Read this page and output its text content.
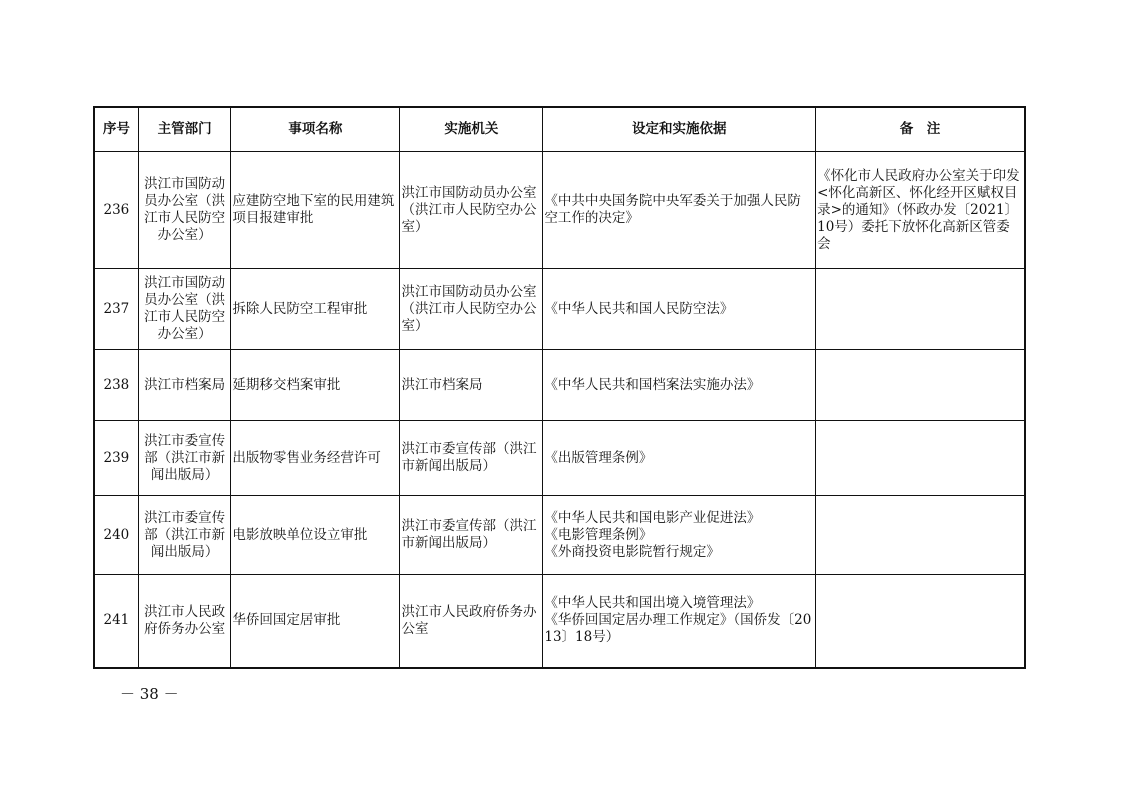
序号	主管部门	事项名称	实施机关	设定和实施依据	备　注
236	洪江市国防动员办公室（洪江市人民防空办公室）	应建防空地下室的民用建筑项目报建审批	洪江市国防动员办公室（洪江市人民防空办公室）	《中共中央国务院中央军委关于加强人民防空工作的决定》	《怀化市人民政府办公室关于印发<怀化高新区、怀化经开区赋权目录>的通知》（怀政办发〔2021〕10号）委托下放怀化高新区管委会
237	洪江市国防动员办公室（洪江市人民防空办公室）	拆除人民防空工程审批	洪江市国防动员办公室（洪江市人民防空办公室）	《中华人民共和国人民防空法》	

238	洪江市档案局	延期移交档案审批	洪江市档案局	《中华人民共和国档案法实施办法》	

239	洪江市委宣传部（洪江市新闻出版局）	出版物零售业务经营许可	洪江市委宣传部（洪江市新闻出版局）	《出版管理条例》	

240	洪江市委宣传部（洪江市新闻出版局）	电影放映单位设立审批	洪江市委宣传部（洪江市新闻出版局）	《中华人民共和国电影产业促进法》
《电影管理条例》
《外商投资电影院暂行规定》	

241	洪江市人民政府侨务办公室	华侨回国定居审批	洪江市人民政府侨务办公室	《中华人民共和国出境入境管理法》
《华侨回国定居办理工作规定》（国侨发〔2013〕18号）	

－ 38 －
